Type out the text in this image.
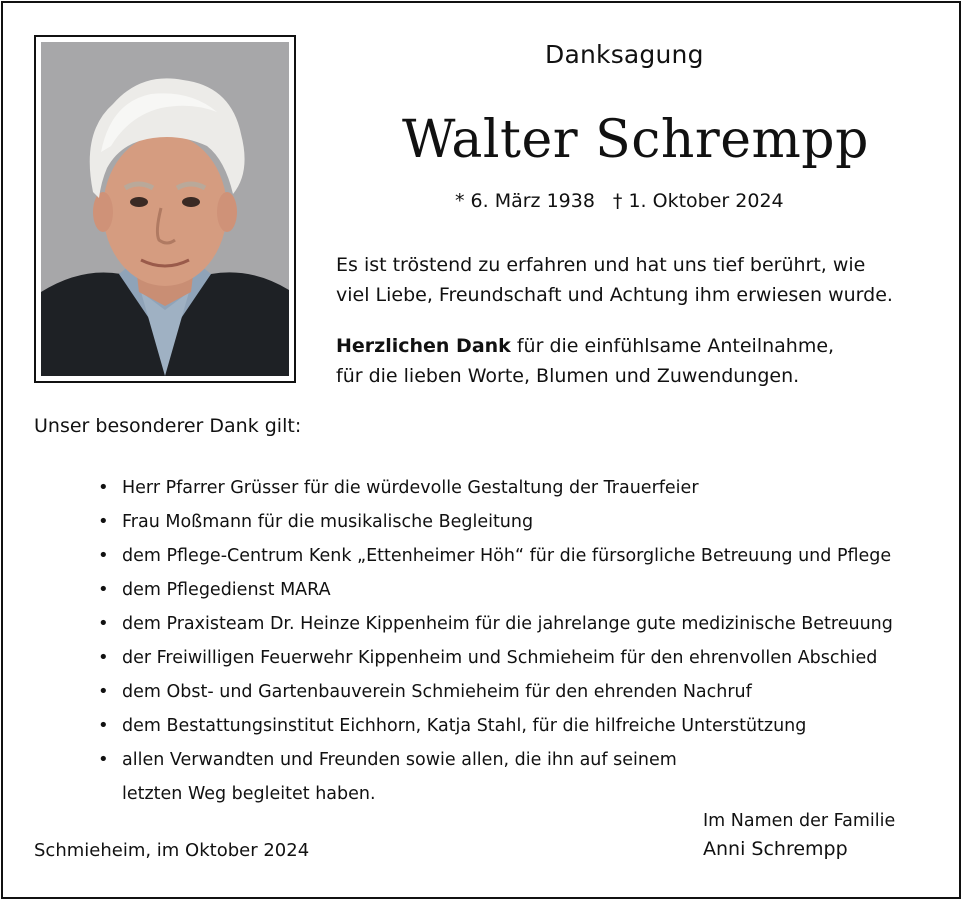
Danksagung
Walter Schrempp
* 6. März 1938 † 1. Oktober 2024
Es ist tröstend zu erfahren und hat uns tief berührt, wie
viel Liebe, Freundschaft und Achtung ihm erwiesen wurde.
Herzlichen Dank für die einfühlsame Anteilnahme,
für die lieben Worte, Blumen und Zuwendungen.
Unser besonderer Dank gilt:
• Herr Pfarrer Grüsser für die würdevolle Gestaltung der Trauerfeier
• Frau Moßmann für die musikalische Begleitung
• dem Pflege-Centrum Kenk „Ettenheimer Höh“ für die fürsorgliche Betreuung und Pflege
• dem Pflegedienst MARA
• dem Praxisteam Dr. Heinze Kippenheim für die jahrelange gute medizinische Betreuung
• der Freiwilligen Feuerwehr Kippenheim und Schmieheim für den ehrenvollen Abschied
• dem Obst- und Gartenbauverein Schmieheim für den ehrenden Nachruf
• dem Bestattungsinstitut Eichhorn, Katja Stahl, für die hilfreiche Unterstützung
• allen Verwandten und Freunden sowie allen, die ihn auf seinem
letzten Weg begleitet haben.
Schmieheim, im Oktober 2024
Im Namen der Familie
Anni Schrempp
